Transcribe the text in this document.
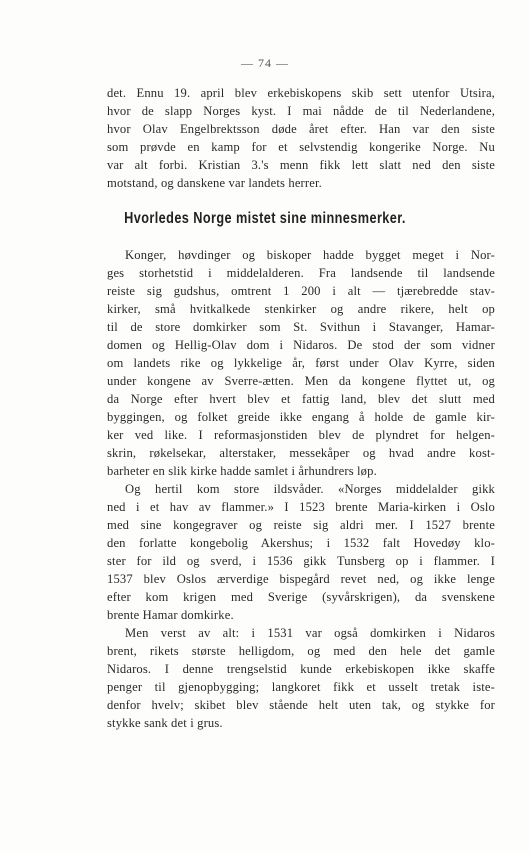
— 74 —
det. Ennu 19. april blev erkebiskopens skib sett utenfor Utsira,
hvor de slapp Norges kyst. I mai nådde de til Nederlandene,
hvor Olav Engelbrektsson døde året efter. Han var den siste
som prøvde en kamp for et selvstendig kongerike Norge. Nu
var alt forbi. Kristian 3.'s menn fikk lett slatt ned den siste
motstand, og danskene var landets herrer.
Hvorledes Norge mistet sine minnesmerker.
Konger, høvdinger og biskoper hadde bygget meget i Nor-
ges storhetstid i middelalderen. Fra landsende til landsende
reiste sig gudshus, omtrent 1 200 i alt — tjærebredde stav-
kirker, små hvitkalkede stenkirker og andre rikere, helt op
til de store domkirker som St. Svithun i Stavanger, Hamar-
domen og Hellig-Olav dom i Nidaros. De stod der som vidner
om landets rike og lykkelige år, først under Olav Kyrre, siden
under kongene av Sverre-ætten. Men da kongene flyttet ut, og
da Norge efter hvert blev et fattig land, blev det slutt med
byggingen, og folket greide ikke engang å holde de gamle kir-
ker ved like. I reformasjonstiden blev de plyndret for helgen-
skrin, røkelsekar, alterstaker, messekåper og hvad andre kost-
barheter en slik kirke hadde samlet i århundrers løp.
Og hertil kom store ildsvåder. «Norges middelalder gikk
ned i et hav av flammer.» I 1523 brente Maria-kirken i Oslo
med sine kongegraver og reiste sig aldri mer. I 1527 brente
den forlatte kongebolig Akershus; i 1532 falt Hovedøy klo-
ster for ild og sverd, i 1536 gikk Tunsberg op i flammer. I
1537 blev Oslos ærverdige bispegård revet ned, og ikke lenge
efter kom krigen med Sverige (syvårskrigen), da svenskene
brente Hamar domkirke.
Men verst av alt: i 1531 var også domkirken i Nidaros
brent, rikets største helligdom, og med den hele det gamle
Nidaros. I denne trengselstid kunde erkebiskopen ikke skaffe
penger til gjenopbygging; langkoret fikk et usselt tretak iste-
denfor hvelv; skibet blev stående helt uten tak, og stykke for
stykke sank det i grus.
